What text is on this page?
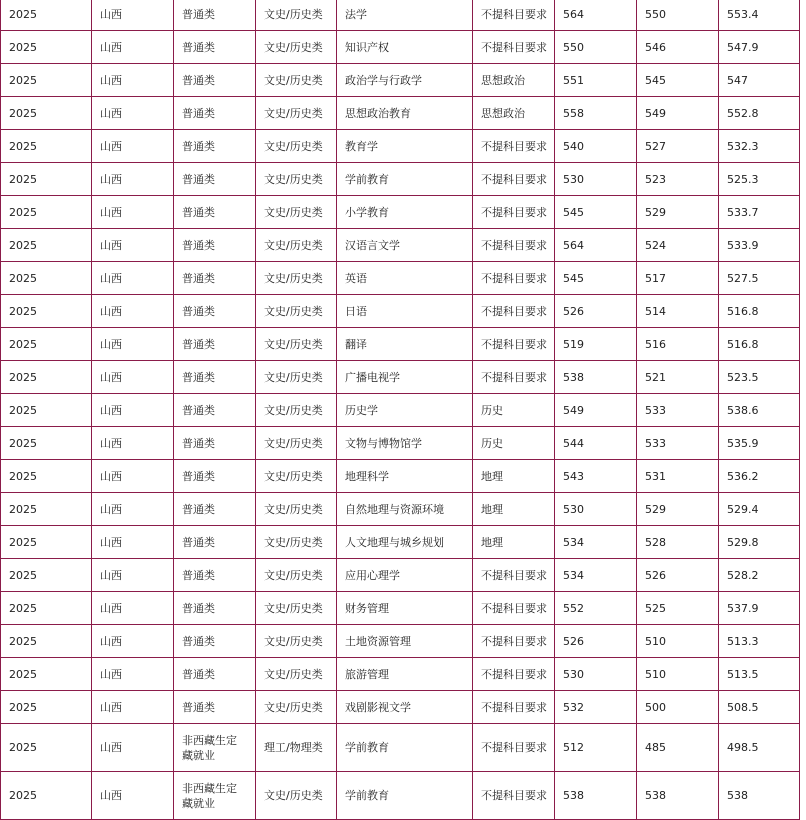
2025	山西	普通类	文史/历史类	法学	不提科目要求	564	550	553.4
2025	山西	普通类	文史/历史类	知识产权	不提科目要求	550	546	547.9
2025	山西	普通类	文史/历史类	政治学与行政学	思想政治	551	545	547
2025	山西	普通类	文史/历史类	思想政治教育	思想政治	558	549	552.8
2025	山西	普通类	文史/历史类	教育学	不提科目要求	540	527	532.3
2025	山西	普通类	文史/历史类	学前教育	不提科目要求	530	523	525.3
2025	山西	普通类	文史/历史类	小学教育	不提科目要求	545	529	533.7
2025	山西	普通类	文史/历史类	汉语言文学	不提科目要求	564	524	533.9
2025	山西	普通类	文史/历史类	英语	不提科目要求	545	517	527.5
2025	山西	普通类	文史/历史类	日语	不提科目要求	526	514	516.8
2025	山西	普通类	文史/历史类	翻译	不提科目要求	519	516	516.8
2025	山西	普通类	文史/历史类	广播电视学	不提科目要求	538	521	523.5
2025	山西	普通类	文史/历史类	历史学	历史	549	533	538.6
2025	山西	普通类	文史/历史类	文物与博物馆学	历史	544	533	535.9
2025	山西	普通类	文史/历史类	地理科学	地理	543	531	536.2
2025	山西	普通类	文史/历史类	自然地理与资源环境	地理	530	529	529.4
2025	山西	普通类	文史/历史类	人文地理与城乡规划	地理	534	528	529.8
2025	山西	普通类	文史/历史类	应用心理学	不提科目要求	534	526	528.2
2025	山西	普通类	文史/历史类	财务管理	不提科目要求	552	525	537.9
2025	山西	普通类	文史/历史类	土地资源管理	不提科目要求	526	510	513.3
2025	山西	普通类	文史/历史类	旅游管理	不提科目要求	530	510	513.5
2025	山西	普通类	文史/历史类	戏剧影视文学	不提科目要求	532	500	508.5
2025	山西	非西藏生定藏就业	理工/物理类	学前教育	不提科目要求	512	485	498.5
2025	山西	非西藏生定藏就业	文史/历史类	学前教育	不提科目要求	538	538	538
